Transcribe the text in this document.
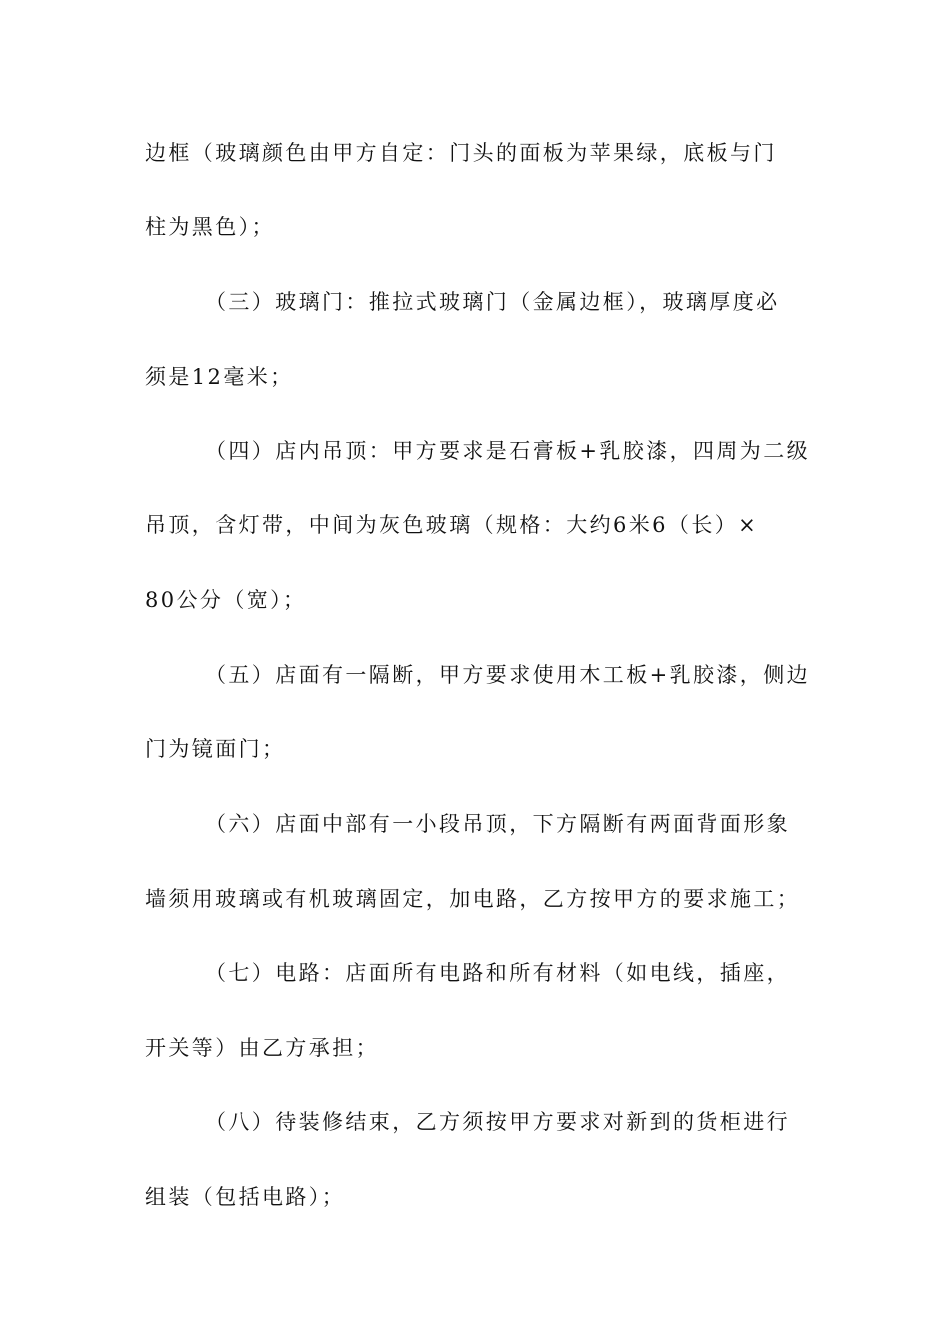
边框（玻璃颜色由甲方自定：门头的面板为苹果绿，底板与门
柱为黑色）；
（三）玻璃门：推拉式玻璃门（金属边框），玻璃厚度必
须是12毫米；
（四）店内吊顶：甲方要求是石膏板+乳胶漆，四周为二级
吊顶，含灯带，中间为灰色玻璃（规格：大约6米6（长）×
80公分（宽）；
（五）店面有一隔断，甲方要求使用木工板+乳胶漆，侧边
门为镜面门；
（六）店面中部有一小段吊顶，下方隔断有两面背面形象
墙须用玻璃或有机玻璃固定，加电路，乙方按甲方的要求施工；
（七）电路：店面所有电路和所有材料（如电线，插座，
开关等）由乙方承担；
（八）待装修结束，乙方须按甲方要求对新到的货柜进行
组装（包括电路）；
